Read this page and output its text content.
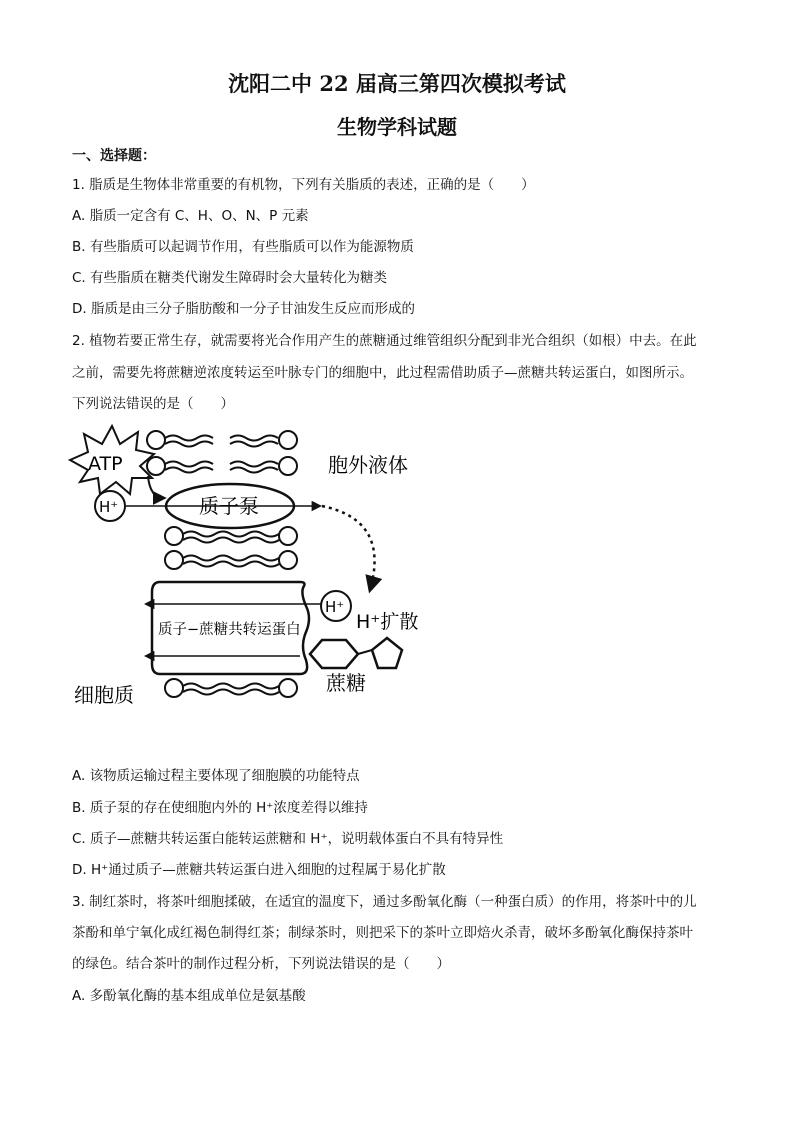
沈阳二中 22 届高三第四次模拟考试
生物学科试题
一、选择题：
1. 脂质是生物体非常重要的有机物，下列有关脂质的表述，正确的是（　　）
A. 脂质一定含有 C、H、O、N、P 元素
B. 有些脂质可以起调节作用，有些脂质可以作为能源物质
C. 有些脂质在糖类代谢发生障碍时会大量转化为糖类
D. 脂质是由三分子脂肪酸和一分子甘油发生反应而形成的
2. 植物若要正常生存，就需要将光合作用产生的蔗糖通过维管组织分配到非光合组织（如根）中去。在此
之前，需要先将蔗糖逆浓度转运至叶脉专门的细胞中，此过程需借助质子—蔗糖共转运蛋白，如图所示。
下列说法错误的是（　　）
ATP
H⁺	质子泵
胞外液体
质子−蔗糖共转运蛋白
H⁺
H⁺扩散
蔗糖
细胞质
A. 该物质运输过程主要体现了细胞膜的功能特点
B. 质子泵的存在使细胞内外的 H⁺浓度差得以维持
C. 质子—蔗糖共转运蛋白能转运蔗糖和 H⁺，说明载体蛋白不具有特异性
D. H⁺通过质子—蔗糖共转运蛋白进入细胞的过程属于易化扩散
3. 制红茶时，将茶叶细胞揉破，在适宜的温度下，通过多酚氧化酶（一种蛋白质）的作用，将茶叶中的儿
茶酚和单宁氧化成红褐色制得红茶；制绿茶时，则把采下的茶叶立即焙火杀青，破坏多酚氧化酶保持茶叶
的绿色。结合茶叶的制作过程分析，下列说法错误的是（　　）
A. 多酚氧化酶的基本组成单位是氨基酸
